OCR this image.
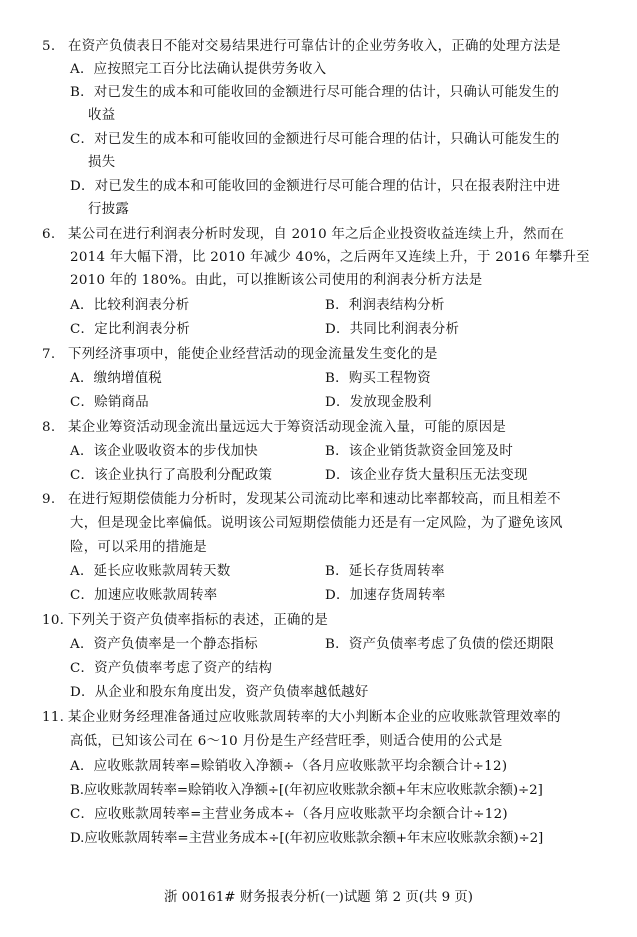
5. 在资产负债表日不能对交易结果进行可靠估计的企业劳务收入，正确的处理方法是
A．应按照完工百分比法确认提供劳务收入
B．对已发生的成本和可能收回的金额进行尽可能合理的估计，只确认可能发生的
收益
C．对已发生的成本和可能收回的金额进行尽可能合理的估计，只确认可能发生的
损失
D．对已发生的成本和可能收回的金额进行尽可能合理的估计，只在报表附注中进
行披露
6. 某公司在进行利润表分析时发现，自 2010 年之后企业投资收益连续上升，然而在
2014 年大幅下滑，比 2010 年减少 40%，之后两年又连续上升，于 2016 年攀升至
2010 年的 180%。由此，可以推断该公司使用的利润表分析方法是
A．比较利润表分析	B．利润表结构分析
C．定比利润表分析	D．共同比利润表分析
7. 下列经济事项中，能使企业经营活动的现金流量发生变化的是
A．缴纳增值税	B．购买工程物资
C．赊销商品	D．发放现金股利
8. 某企业筹资活动现金流出量远远大于筹资活动现金流入量，可能的原因是
A．该企业吸收资本的步伐加快	B．该企业销货款资金回笼及时
C．该企业执行了高股利分配政策	D．该企业存货大量积压无法变现
9. 在进行短期偿债能力分析时，发现某公司流动比率和速动比率都较高，而且相差不
大，但是现金比率偏低。说明该公司短期偿债能力还是有一定风险，为了避免该风
险，可以采用的措施是
A．延长应收账款周转天数	B．延长存货周转率
C．加速应收账款周转率	D．加速存货周转率
10. 下列关于资产负债率指标的表述，正确的是
A．资产负债率是一个静态指标	B．资产负债率考虑了负债的偿还期限
C．资产负债率考虑了资产的结构
D．从企业和股东角度出发，资产负债率越低越好
11. 某企业财务经理准备通过应收账款周转率的大小判断本企业的应收账款管理效率的
高低，已知该公司在 6～10 月份是生产经营旺季，则适合使用的公式是
A．应收账款周转率=赊销收入净额÷（各月应收账款平均余额合计÷12)
B.应收账款周转率=赊销收入净额÷[(年初应收账款余额+年末应收账款余额)÷2]
C．应收账款周转率=主营业务成本÷（各月应收账款平均余额合计÷12)
D.应收账款周转率=主营业务成本÷[(年初应收账款余额+年末应收账款余额)÷2]
浙 00161# 财务报表分析(一)试题 第 2 页(共 9 页)
